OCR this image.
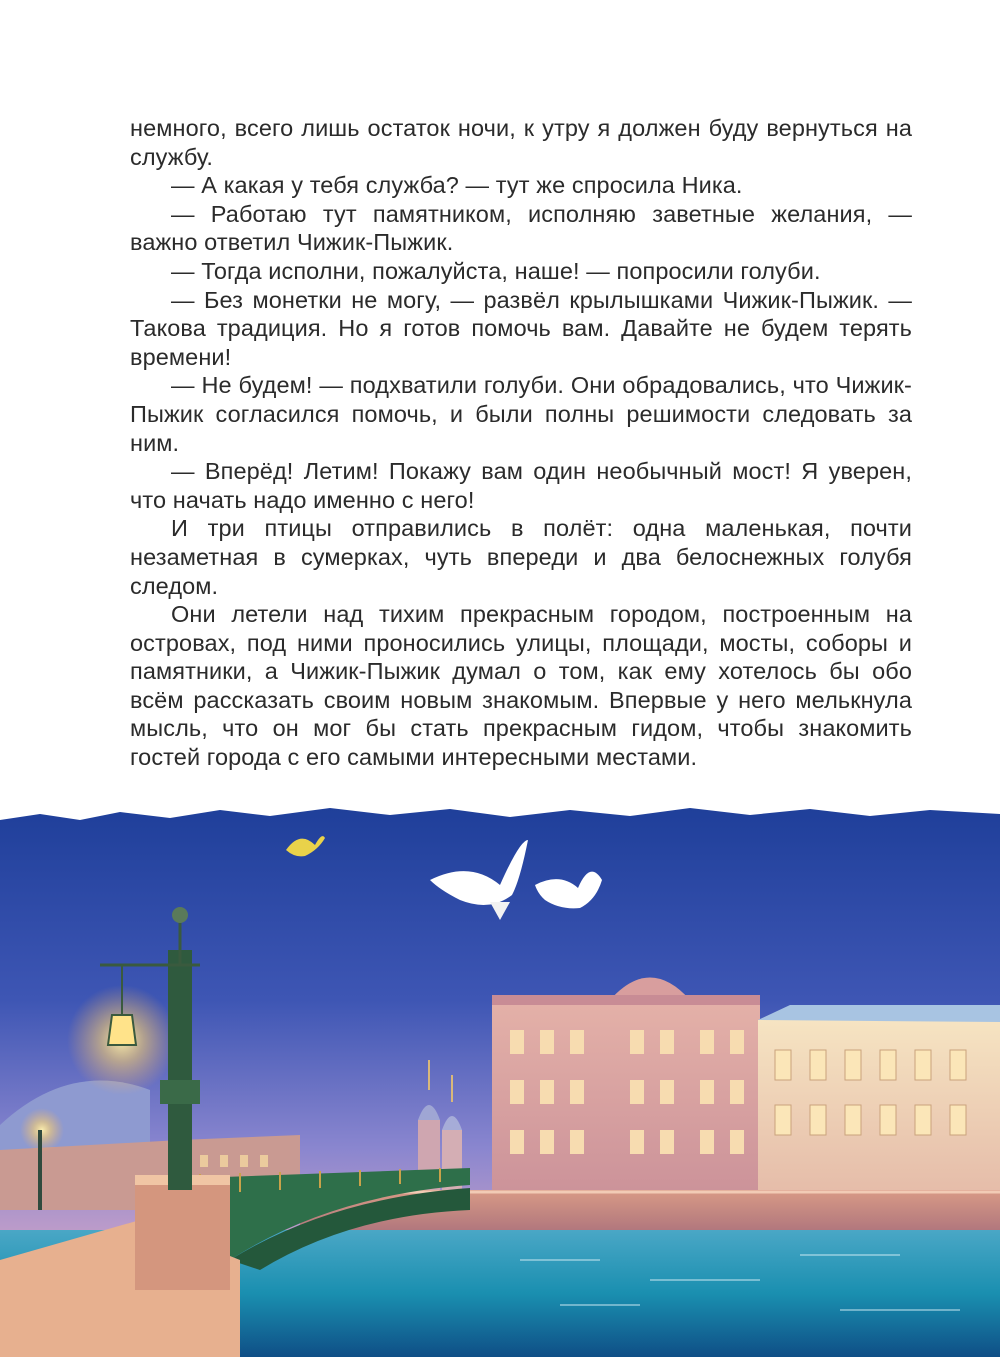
немного, всего лишь остаток ночи, к утру я должен буду вернуться на службу.

— А какая у тебя служба? — тут же спросила Ника.

— Работаю тут памятником, исполняю заветные желания, — важно ответил Чижик-Пыжик.

— Тогда исполни, пожалуйста, наше! — попросили голуби.

— Без монетки не могу, — развёл крылышками Чижик-Пыжик. — Такова традиция. Но я готов помочь вам. Давайте не будем терять времени!

— Не будем! — подхватили голуби. Они обрадовались, что Чижик-Пыжик согласился помочь, и были полны решимости следовать за ним.

— Вперёд! Летим! Покажу вам один необычный мост! Я уверен, что начать надо именно с него!

И три птицы отправились в полёт: одна маленькая, почти незаметная в сумерках, чуть впереди и два белоснежных голубя следом.

Они летели над тихим прекрасным городом, построенным на островах, под ними проносились улицы, площади, мосты, соборы и памятники, а Чижик-Пыжик думал о том, как ему хотелось бы обо всём рассказать своим новым знакомым. Впервые у него мелькнула мысль, что он мог бы стать прекрасным гидом, чтобы знакомить гостей города с его самыми интересными местами.
